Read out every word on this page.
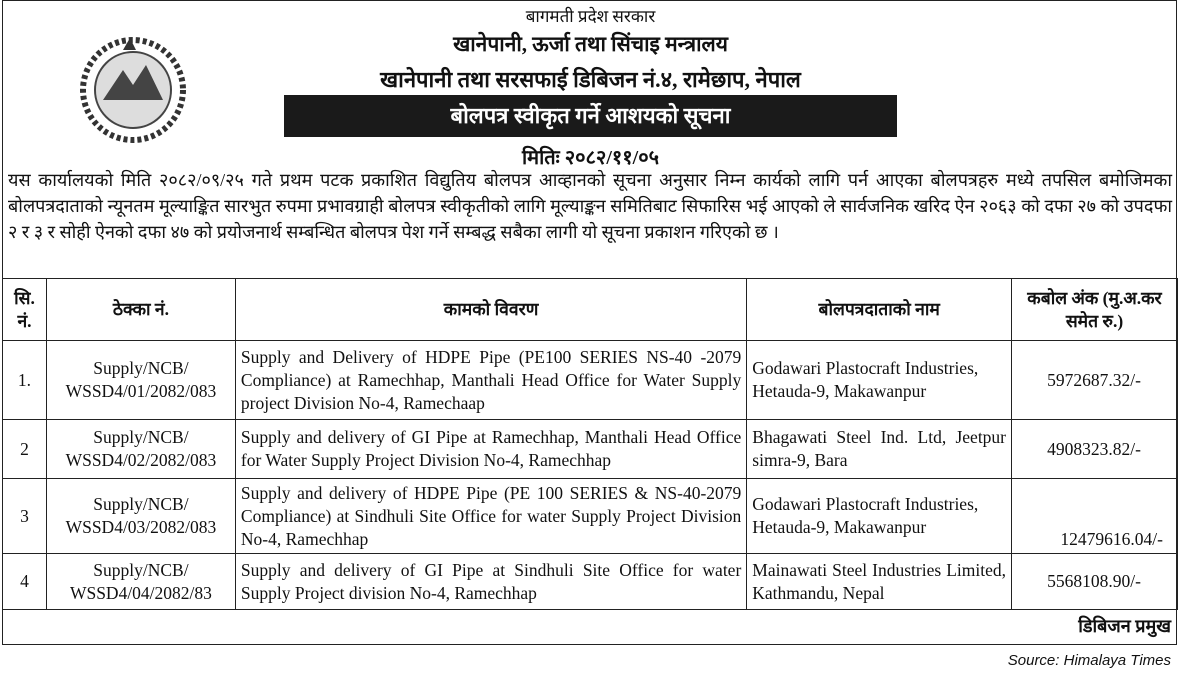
बागमती प्रदेश सरकार
खानेपानी, ऊर्जा तथा सिंचाइ मन्त्रालय
खानेपानी तथा सरसफाई डिबिजन नं.४, रामेछाप, नेपाल
बोलपत्र स्वीकृत गर्ने आशयको सूचना
मितिः २०८२/११/०५
यस कार्यालयको मिति २०८२/०९/२५ गते प्रथम पटक प्रकाशित विद्युतिय बोलपत्र आव्हानको सूचना अनुसार निम्न कार्यको लागि पर्न आएका बोलपत्रहरु मध्ये तपसिल बमोजिमका बोलपत्रदाताको न्यूनतम मूल्याङ्कित सारभुत रुपमा प्रभावग्राही बोलपत्र स्वीकृतीको लागि मूल्याङ्कन समितिबाट सिफारिस भई आएको ले सार्वजनिक खरिद ऐन २०६३ को दफा २७ को उपदफा २ र ३ र सोही ऐनको दफा ४७ को प्रयोजनार्थ सम्बन्धित बोलपत्र पेश गर्ने सम्बद्ध सबैका लागी यो सूचना प्रकाशन गरिएको छ ।
सि. नं.	ठेक्का नं.	कामको विवरण	बोलपत्रदाताको नाम	कबोल अंक (मु.अ.कर समेत रु.)
1.	Supply/NCB/ WSSD4/01/2082/083	Supply and Delivery of HDPE Pipe (PE100 SERIES NS-40 -2079 Compliance) at Ramechhap, Manthali Head Office for Water Supply project Division No-4, Ramechaap	Godawari Plastocraft Industries, Hetauda-9, Makawanpur	5972687.32/-
2	Supply/NCB/ WSSD4/02/2082/083	Supply and delivery of GI Pipe at Ramechhap, Manthali Head Office for Water Supply Project Division No-4, Ramechhap	Bhagawati Steel Ind. Ltd, Jeetpur simra-9, Bara	4908323.82/-
3	Supply/NCB/ WSSD4/03/2082/083	Supply and delivery of HDPE Pipe (PE 100 SERIES & NS-40-2079 Compliance) at Sindhuli Site Office for water Supply Project Division No-4, Ramechhap	Godawari Plastocraft Industries, Hetauda-9, Makawanpur	12479616.04/-
4	Supply/NCB/ WSSD4/04/2082/83	Supply and delivery of GI Pipe at Sindhuli Site Office for water Supply Project division No-4, Ramechhap	Mainawati Steel Industries Limited, Kathmandu, Nepal	5568108.90/-
डिबिजन प्रमुख
Source: Himalaya Times
